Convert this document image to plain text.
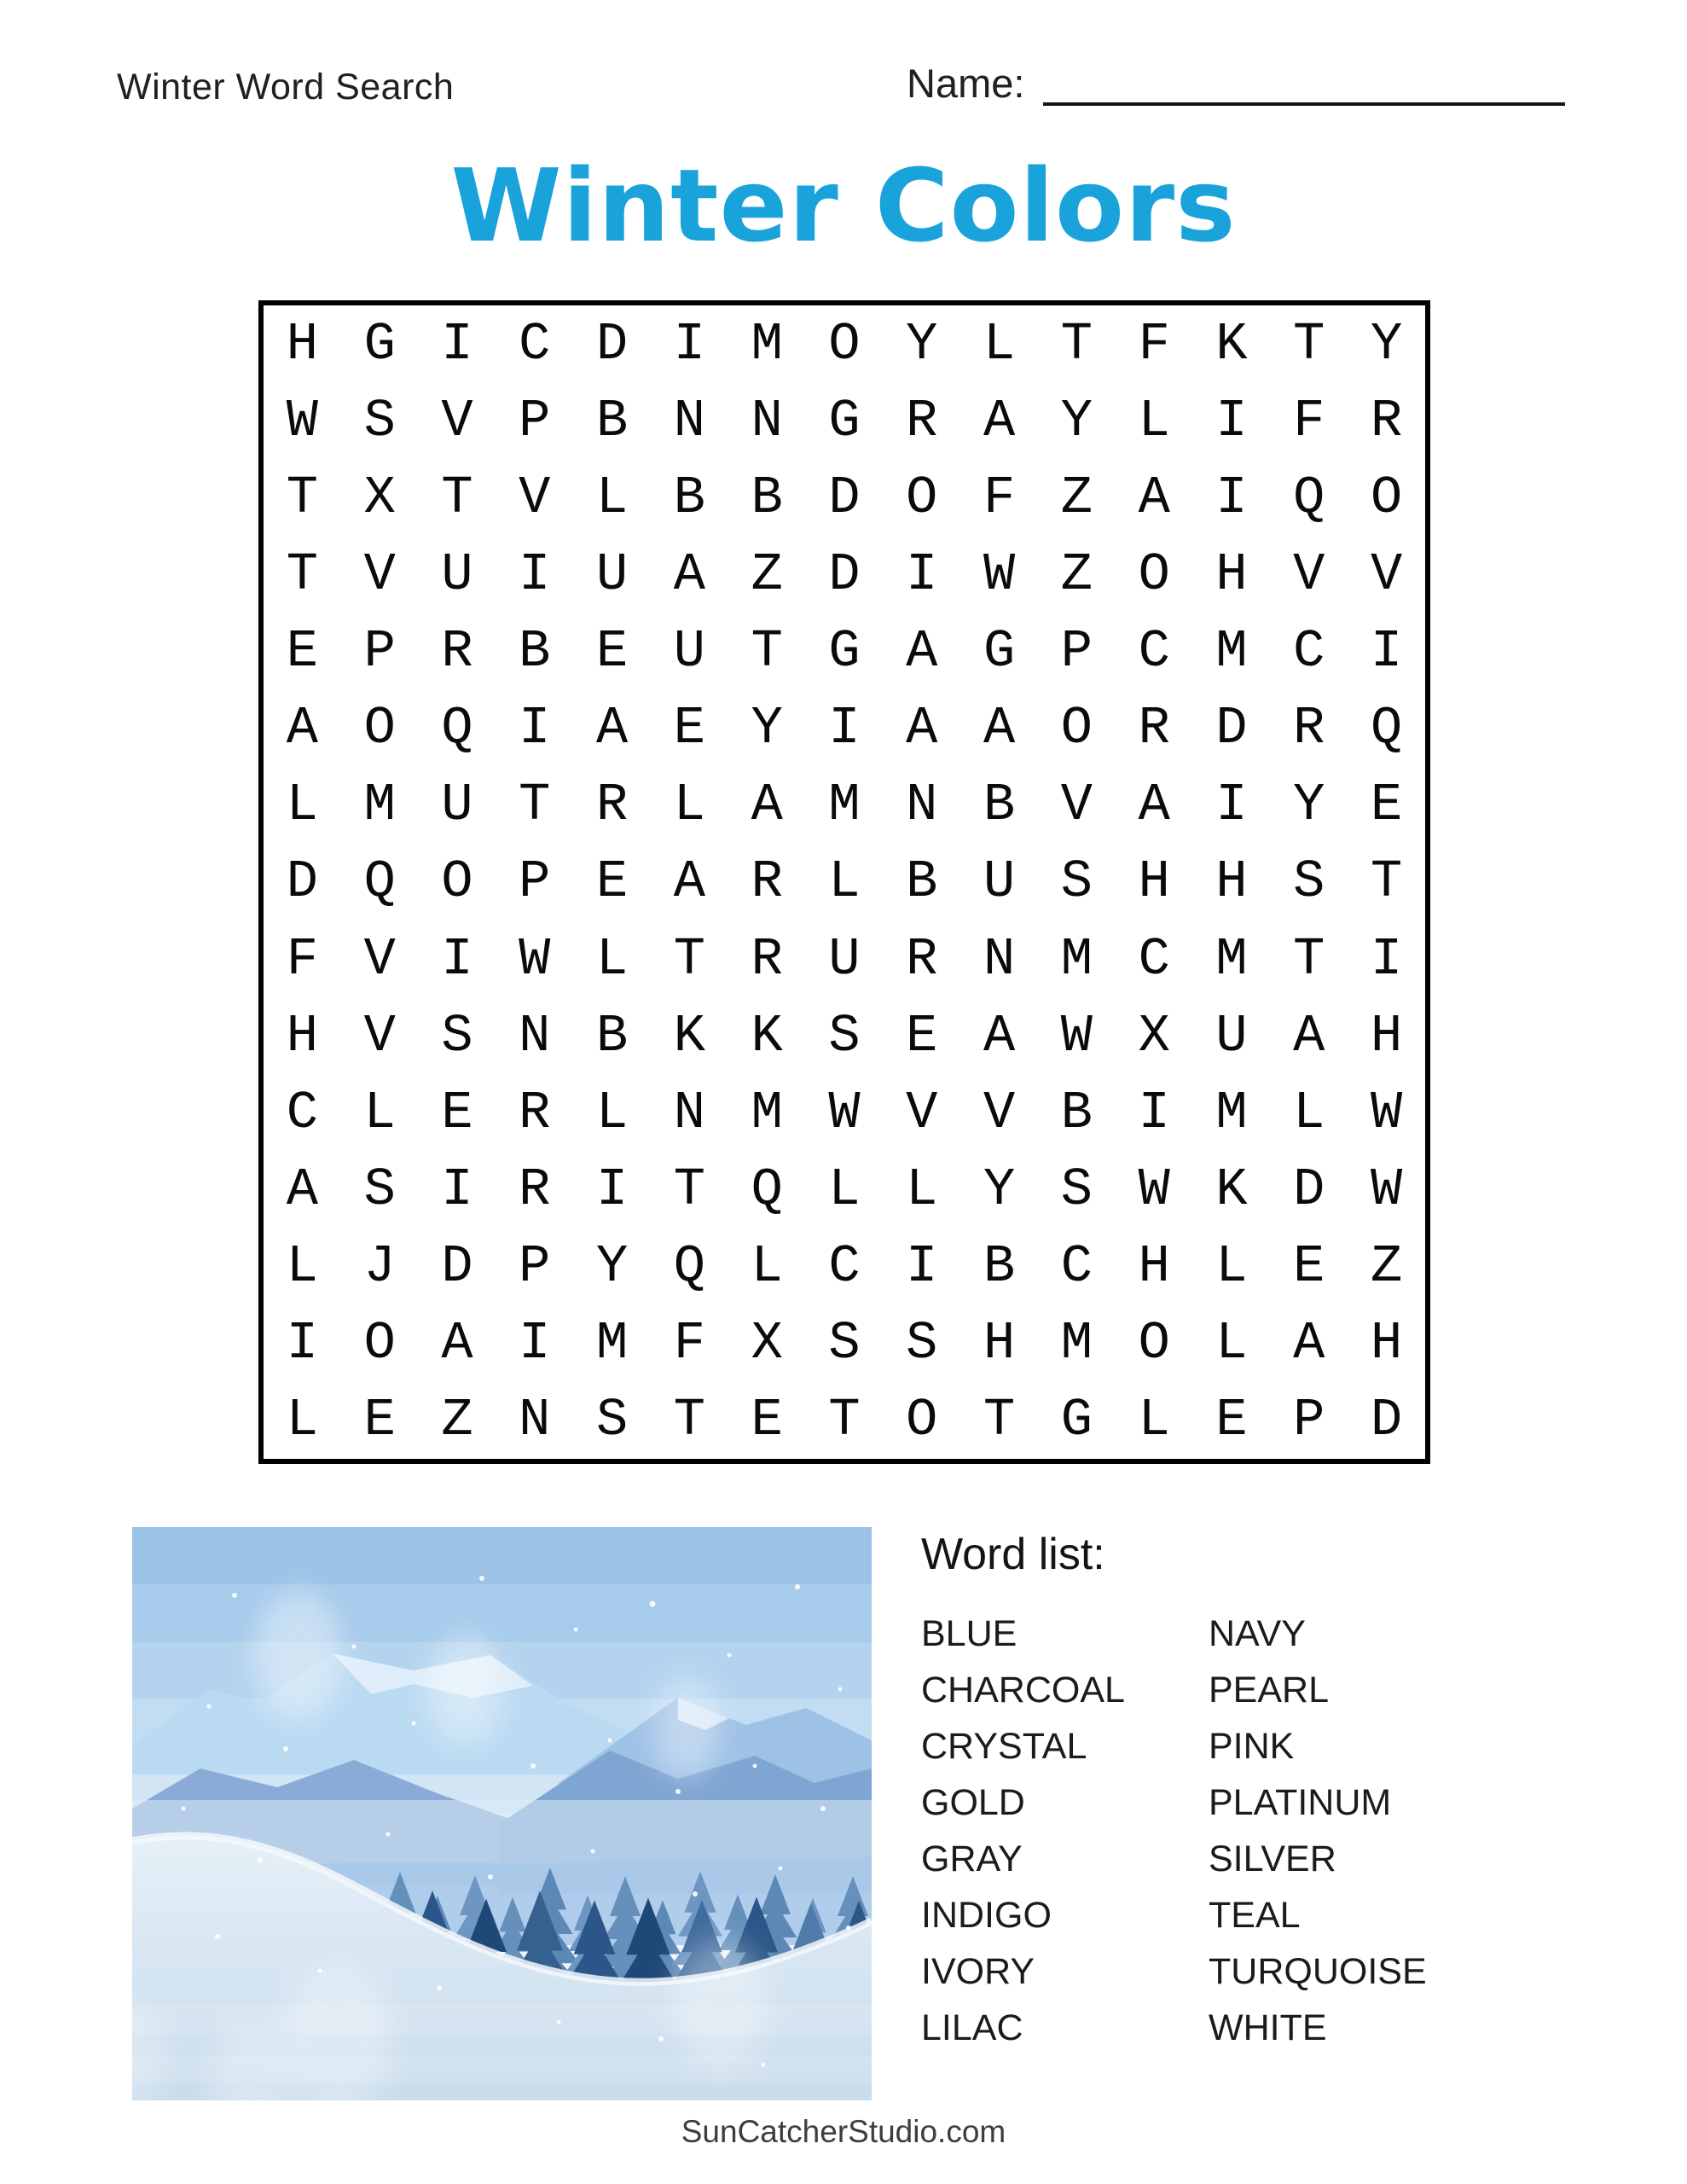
Winter Word Search	Name:
Winter Colors
H G I C D I M O Y L T F K T Y
W S V P B N N G R A Y L I F R
T X T V L B B D O F Z A I Q O
T V U I U A Z D I W Z O H V V
E P R B E U T G A G P C M C I
A O Q I A E Y I A A O R D R Q
L M U T R L A M N B V A I Y E
D Q O P E A R L B U S H H S T
F V I W L T R U R N M C M T I
H V S N B K K S E A W X U A H
C L E R L N M W V V B I M L W
A S I R I T Q L L Y S W K D W
L J D P Y Q L C I B C H L E Z
I O A I M F X S S H M O L A H
L E Z N S T E T O T G L E P D
Word list:
BLUE
CHARCOAL
CRYSTAL
GOLD
GRAY
INDIGO
IVORY
LILAC
NAVY
PEARL
PINK
PLATINUM
SILVER
TEAL
TURQUOISE
WHITE
SunCatcherStudio.com
